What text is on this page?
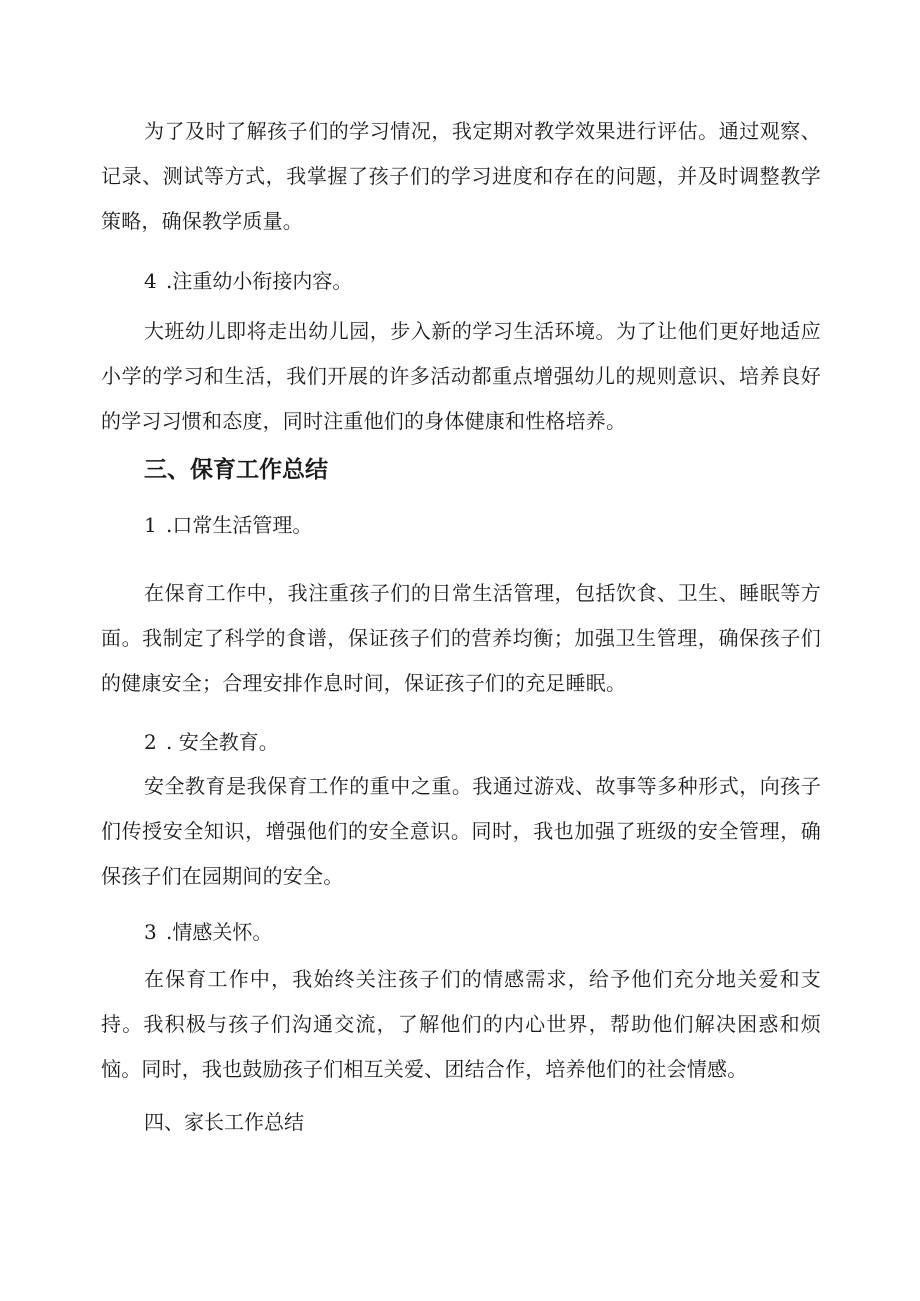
为了及时了解孩子们的学习情况，我定期对教学效果进行评估。通过观察、记录、测试等方式，我掌握了孩子们的学习进度和存在的问题，并及时调整教学策略，确保教学质量。

4 .注重幼小衔接内容。

大班幼儿即将走出幼儿园，步入新的学习生活环境。为了让他们更好地适应小学的学习和生活，我们开展的许多活动都重点增强幼儿的规则意识、培养良好的学习习惯和态度，同时注重他们的身体健康和性格培养。

三、保育工作总结

1 .口常生活管理。

在保育工作中，我注重孩子们的日常生活管理，包括饮食、卫生、睡眠等方面。我制定了科学的食谱，保证孩子们的营养均衡；加强卫生管理，确保孩子们的健康安全；合理安排作息时间，保证孩子们的充足睡眠。

2 . 安全教育。

安全教育是我保育工作的重中之重。我通过游戏、故事等多种形式，向孩子们传授安全知识，增强他们的安全意识。同时，我也加强了班级的安全管理，确保孩子们在园期间的安全。

3 .情感关怀。

在保育工作中，我始终关注孩子们的情感需求，给予他们充分地关爱和支持。我积极与孩子们沟通交流，了解他们的内心世界，帮助他们解决困惑和烦恼。同时，我也鼓励孩子们相互关爱、团结合作，培养他们的社会情感。

四、家长工作总结
